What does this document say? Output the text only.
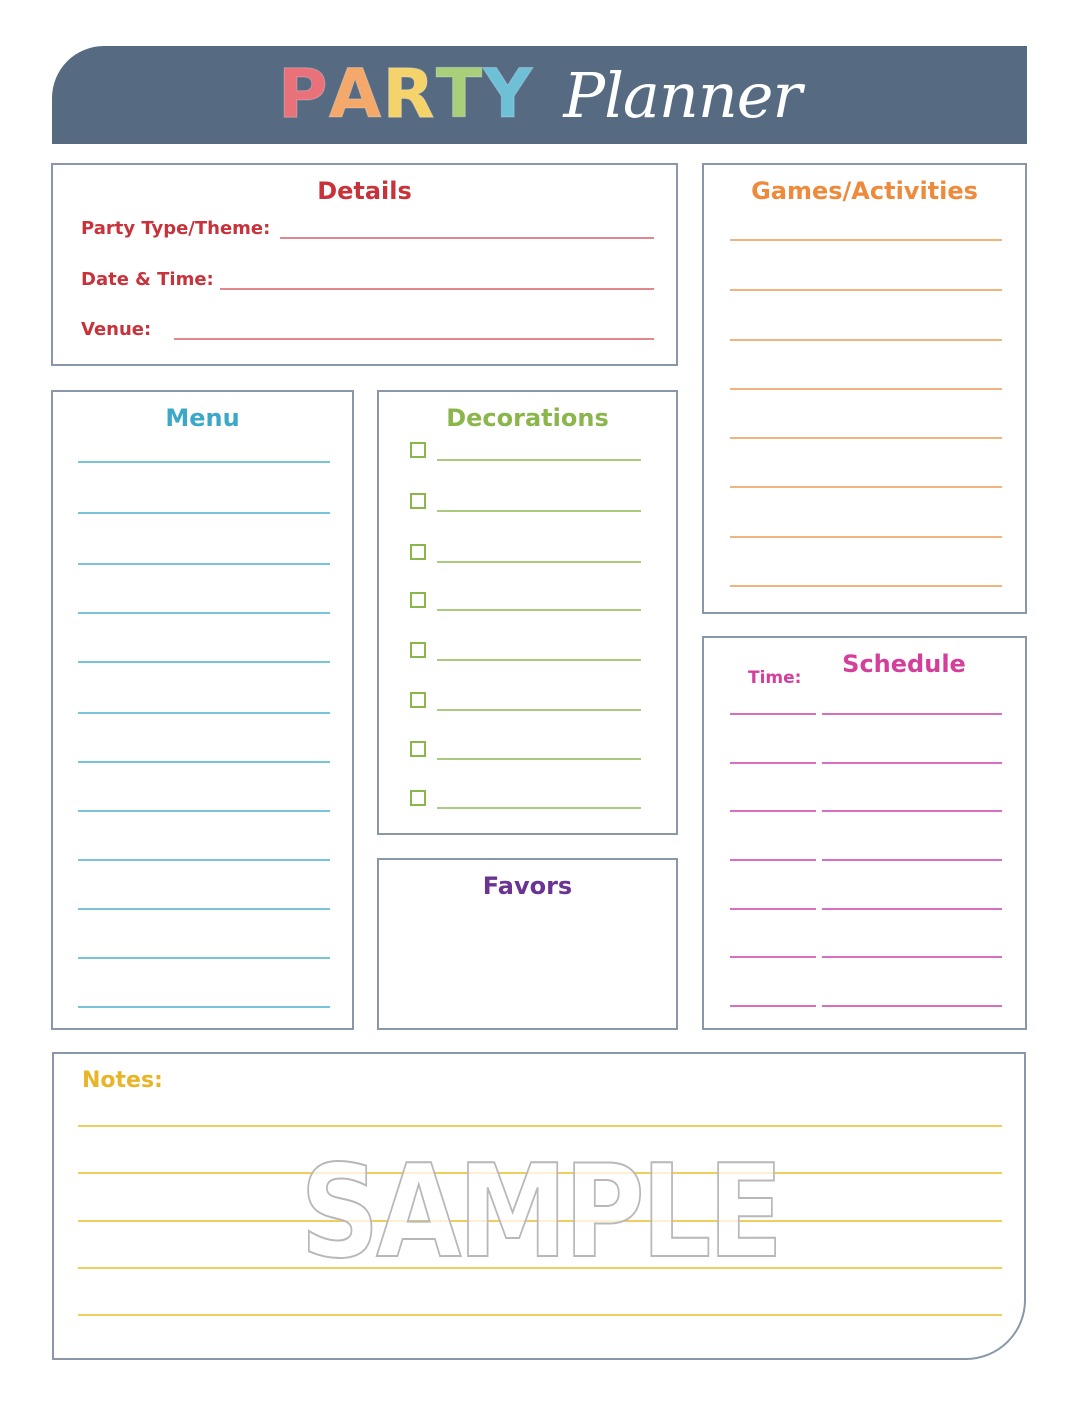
P A R T Y Planner
Details
Party Type/Theme:
Date & Time:
Venue:
Games/Activities
Menu	Decorations
Favors
Schedule
Time:
Notes:
SAMPLE
